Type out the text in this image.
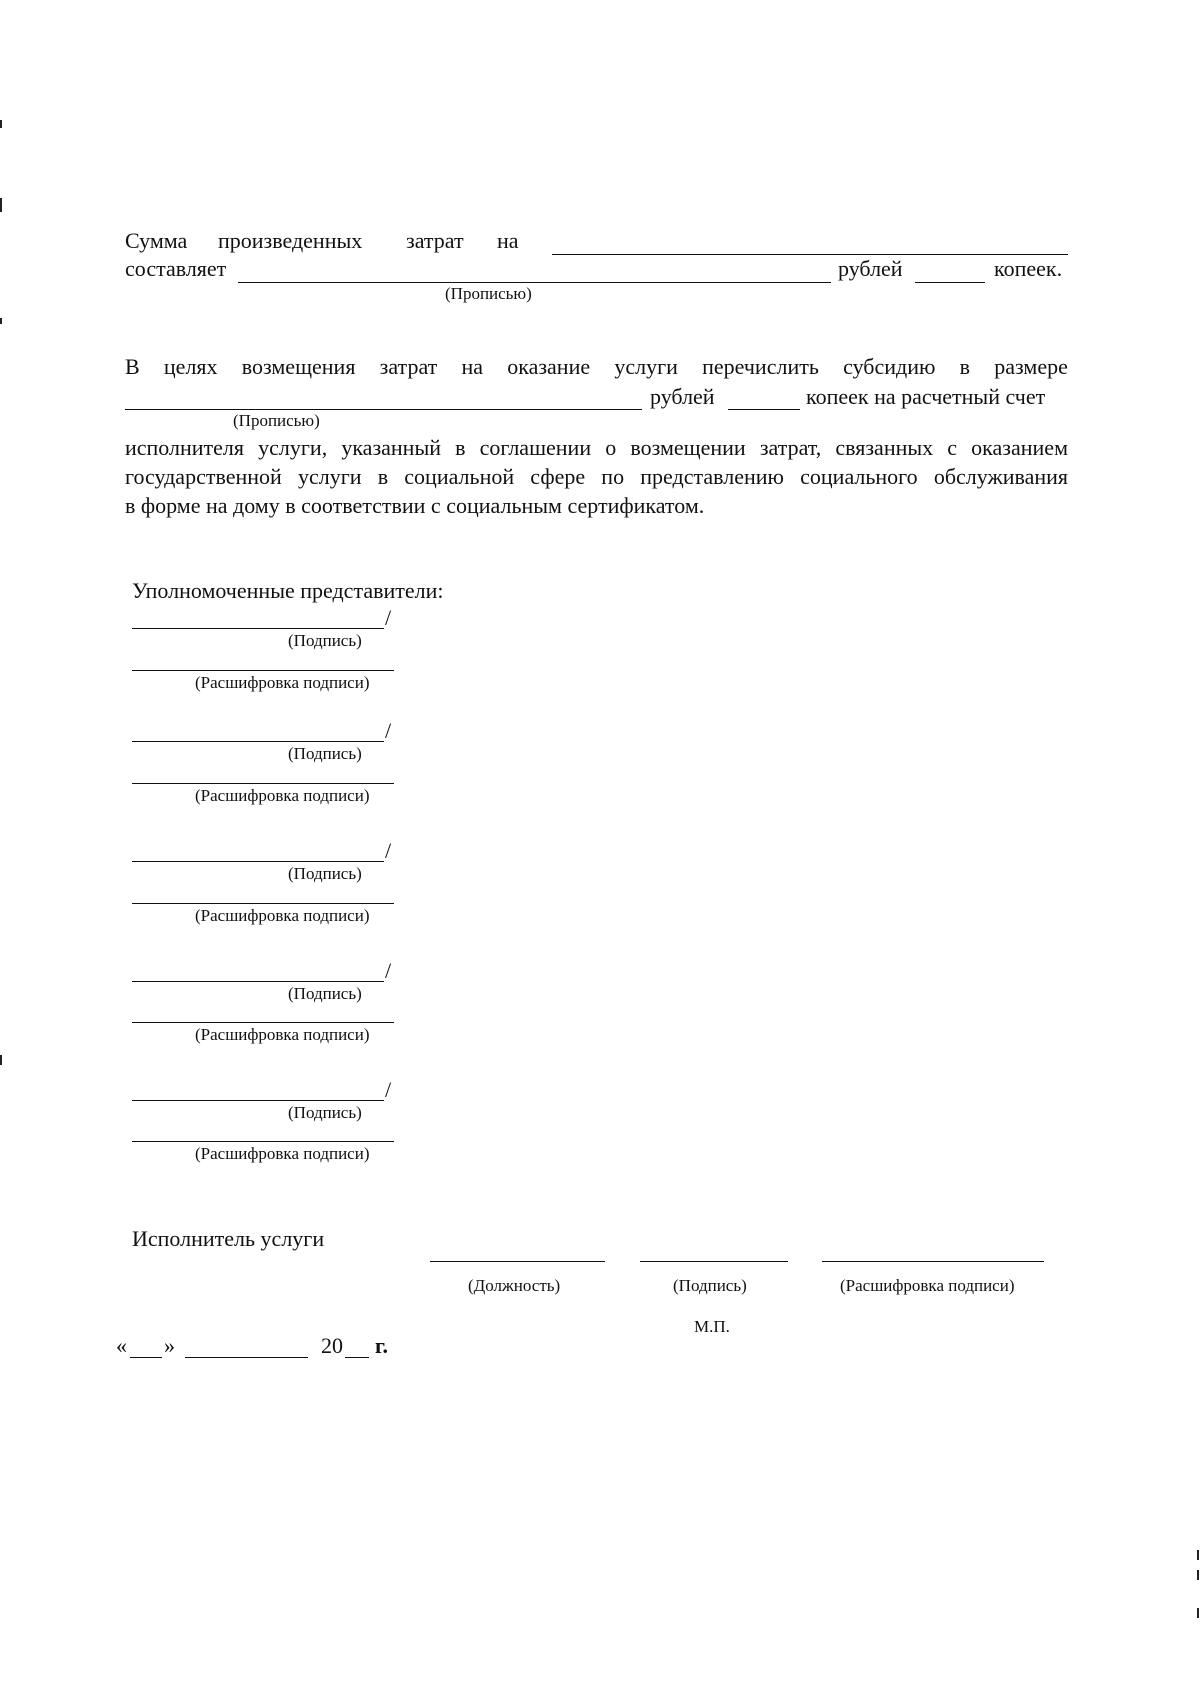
Сумма произведенных затрат на
составляет	рублей	копеек.
(Прописью)
В целях возмещения затрат на оказание услуги перечислить субсидию в размере
рублей	копеек на расчетный счет
(Прописью)
исполнителя услуги, указанный в соглашении о возмещении затрат, связанных с оказанием
государственной услуги в социальной сфере по представлению социального обслуживания
в форме на дому в соответствии с социальным сертификатом.
Уполномоченные представители:
/
(Подпись)
(Расшифровка подписи)
/
(Подпись)
(Расшифровка подписи)
/
(Подпись)
(Расшифровка подписи)
/
(Подпись)
(Расшифровка подписи)
/
(Подпись)
(Расшифровка подписи)
Исполнитель услуги
(Должность)	(Подпись)	(Расшифровка подписи)
М.П.
« »	20 г.
